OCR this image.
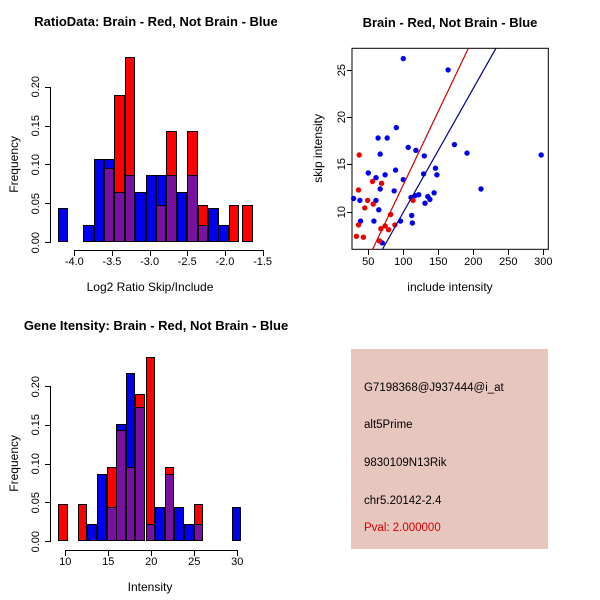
RatioData: Brain - Red, Not Brain - Blue
Frequency
Log2 Ratio Skip/Include
0.00
0.05
0.10
0.15
0.20
-4.0 -3.5 -3.0 -2.5 -2.0 -1.5
Brain - Red, Not Brain - Blue
skip intensity
include intensity
50 100 150 200 250 300
10
15
20
25
Gene Itensity: Brain - Red, Not Brain - Blue
Frequency
Intensity
0.00
0.05
0.10
0.15
0.20
10	15	20	25	30
G7198368@J937444@i_at
alt5Prime
9830109N13Rik
chr5.20142-2.4
Pval: 2.000000
